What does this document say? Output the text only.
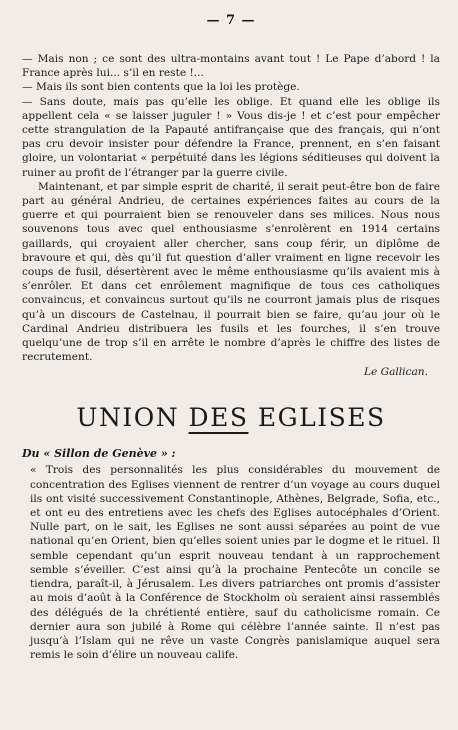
— 7 —

— Mais non ; ce sont des ultra-montains avant tout ! Le Pape d’abord ! la France après lui... s’il en reste !...

— Mais ils sont bien contents que la loi les protège.

— Sans doute, mais pas qu’elle les oblige. Et quand elle les oblige ils appellent cela « se laisser juguler ! » Vous dis-je ! et c’est pour empêcher cette strangulation de la Papauté antifrançaise que des français, qui n’ont pas cru devoir insister pour défendre la France, prennent, en s’en faisant gloire, un volontariat « perpétuité dans les légions séditieuses qui doivent la ruiner au profit de l’étranger par la guerre civile.

Maintenant, et par simple esprit de charité, il serait peut-être bon de faire part au général Andrieu, de certaines expériences faites au cours de la guerre et qui pourraient bien se renouveler dans ses milices. Nous nous souvenons tous avec quel enthousiasme s’enrolèrent en 1914 certains gaillards, qui croyaient aller chercher, sans coup férir, un diplôme de bravoure et qui, dès qu’il fut question d’aller vraiment en ligne recevoir les coups de fusil, désertèrent avec le même enthousiasme qu’ils avaient mis à s’enrôler. Et dans cet enrôlement magnifique de tous ces catholiques convaincus, et convaincus surtout qu’ils ne courront jamais plus de risques qu’à un discours de Castelnau, il pourrait bien se faire, qu’au jour où le Cardinal Andrieu distribuera les fusils et les fourches, il s’en trouve quelqu’une de trop s’il en arrête le nombre d’après le chiffre des listes de recrutement.

Le Gallican.
UNION DES EGLISES
Du « Sillon de Genève » :

« Trois des personnalités les plus considérables du mouvement de concentration des Eglises viennent de rentrer d’un voyage au cours duquel ils ont visité successivement Constantinople, Athènes, Belgrade, Sofia, etc., et ont eu des entretiens avec les chefs des Eglises autocéphales d’Orient. Nulle part, on le sait, les Eglises ne sont aussi séparées au point de vue national qu’en Orient, bien qu’elles soient unies par le dogme et le rituel. Il semble cependant qu’un esprit nouveau tendant à un rapprochement semble s’éveiller. C’est ainsi qu’à la prochaine Pentecôte un concile se tiendra, paraît-il, à Jérusalem. Les divers patriarches ont promis d’assister au mois d’août à la Conférence de Stockholm où seraient ainsi rassemblés des délégués de la chrétienté entière, sauf du catholicisme romain. Ce dernier aura son jubilé à Rome qui célèbre l’année sainte. Il n’est pas jusqu’à l’Islam qui ne rêve un vaste Congrès panislamique auquel sera remis le soin d’élire un nouveau calife.
